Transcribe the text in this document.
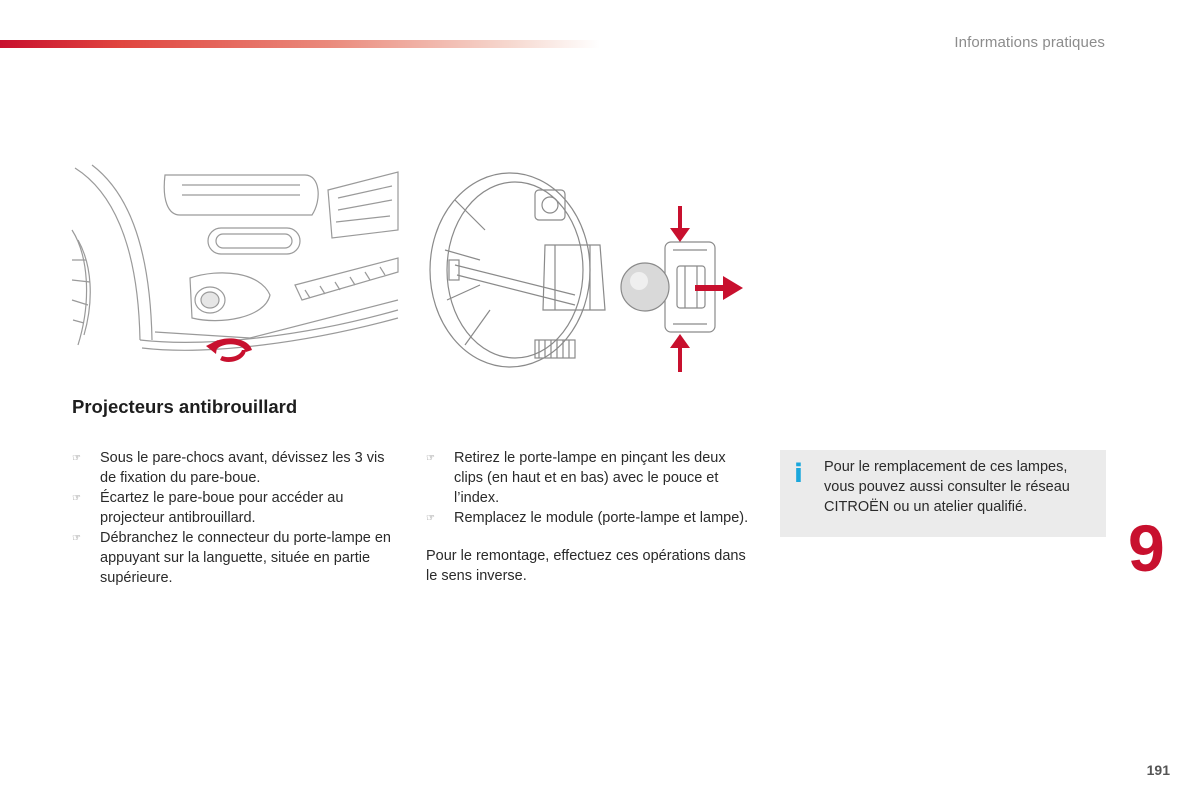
Informations pratiques
Projecteurs antibrouillard
☞ Sous le pare-chocs avant, dévissez les 3 vis de fixation du pare-boue.
☞ Écartez le pare-boue pour accéder au projecteur antibrouillard.
☞ Débranchez le connecteur du porte-lampe en appuyant sur la languette, située en partie supérieure.
☞ Retirez le porte-lampe en pinçant les deux clips (en haut et en bas) avec le pouce et l’index.
☞ Remplacez le module (porte-lampe et lampe).
Pour le remontage, effectuez ces opérations dans le sens inverse.
i Pour le remplacement de ces lampes, vous pouvez aussi consulter le réseau CITROËN ou un atelier qualifié.
9
191
